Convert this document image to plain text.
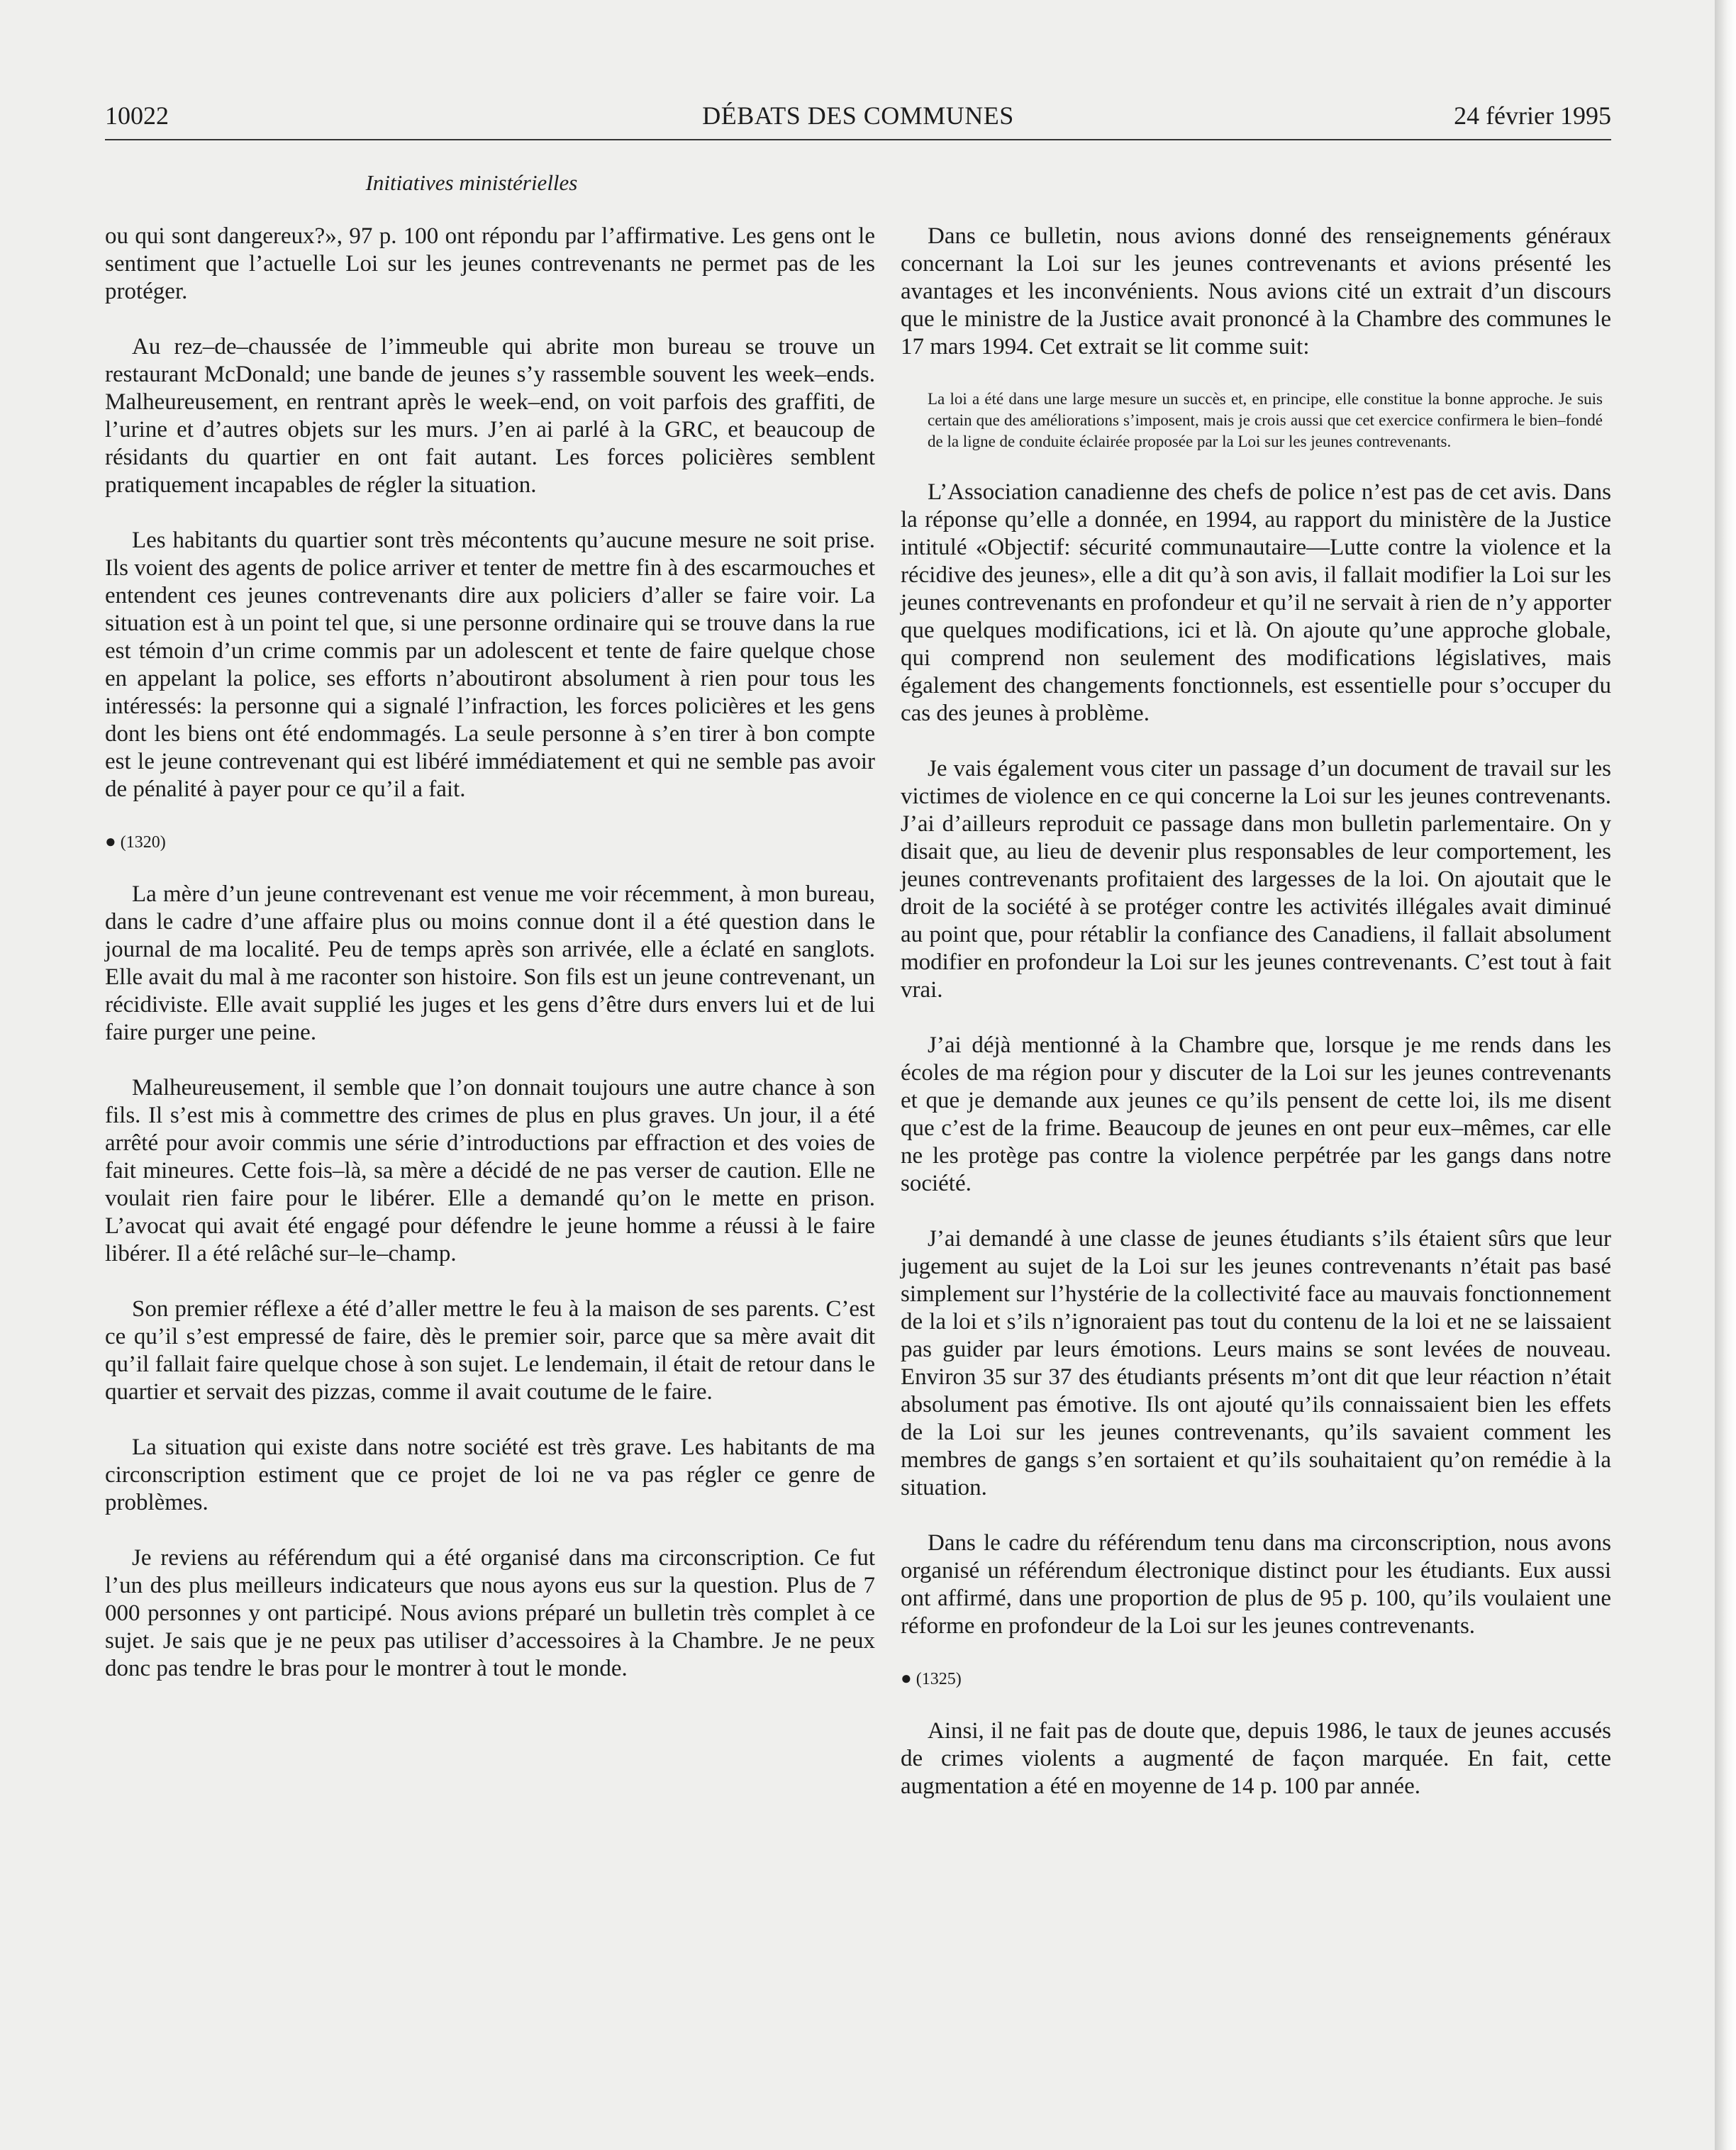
10022	DÉBATS DES COMMUNES	24 février 1995
Initiatives ministérielles

ou qui sont dangereux?», 97 p. 100 ont répondu par l’affirmative. Les gens ont le sentiment que l’actuelle Loi sur les jeunes contrevenants ne permet pas de les protéger.

Au rez–de–chaussée de l’immeuble qui abrite mon bureau se trouve un restaurant McDonald; une bande de jeunes s’y rassemble souvent les week–ends. Malheureusement, en rentrant après le week–end, on voit parfois des graffiti, de l’urine et d’autres objets sur les murs. J’en ai parlé à la GRC, et beaucoup de résidants du quartier en ont fait autant. Les forces policières semblent pratiquement incapables de régler la situation.

Les habitants du quartier sont très mécontents qu’aucune mesure ne soit prise. Ils voient des agents de police arriver et tenter de mettre fin à des escarmouches et entendent ces jeunes contrevenants dire aux policiers d’aller se faire voir. La situation est à un point tel que, si une personne ordinaire qui se trouve dans la rue est témoin d’un crime commis par un adolescent et tente de faire quelque chose en appelant la police, ses efforts n’aboutiront absolument à rien pour tous les intéressés: la personne qui a signalé l’infraction, les forces policières et les gens dont les biens ont été endommagés. La seule personne à s’en tirer à bon compte est le jeune contrevenant qui est libéré immédiatement et qui ne semble pas avoir de pénalité à payer pour ce qu’il a fait.

● (1320)

La mère d’un jeune contrevenant est venue me voir récemment, à mon bureau, dans le cadre d’une affaire plus ou moins connue dont il a été question dans le journal de ma localité. Peu de temps après son arrivée, elle a éclaté en sanglots. Elle avait du mal à me raconter son histoire. Son fils est un jeune contrevenant, un récidiviste. Elle avait supplié les juges et les gens d’être durs envers lui et de lui faire purger une peine.

Malheureusement, il semble que l’on donnait toujours une autre chance à son fils. Il s’est mis à commettre des crimes de plus en plus graves. Un jour, il a été arrêté pour avoir commis une série d’introductions par effraction et des voies de fait mineures. Cette fois–là, sa mère a décidé de ne pas verser de caution. Elle ne voulait rien faire pour le libérer. Elle a demandé qu’on le mette en prison. L’avocat qui avait été engagé pour défendre le jeune homme a réussi à le faire libérer. Il a été relâché sur–le–champ.

Son premier réflexe a été d’aller mettre le feu à la maison de ses parents. C’est ce qu’il s’est empressé de faire, dès le premier soir, parce que sa mère avait dit qu’il fallait faire quelque chose à son sujet. Le lendemain, il était de retour dans le quartier et servait des pizzas, comme il avait coutume de le faire.

La situation qui existe dans notre société est très grave. Les habitants de ma circonscription estiment que ce projet de loi ne va pas régler ce genre de problèmes.

Je reviens au référendum qui a été organisé dans ma circonscription. Ce fut l’un des plus meilleurs indicateurs que nous ayons eus sur la question. Plus de 7 000 personnes y ont participé. Nous avions préparé un bulletin très complet à ce sujet. Je sais que je ne peux pas utiliser d’accessoires à la Chambre. Je ne peux donc pas tendre le bras pour le montrer à tout le monde.

Dans ce bulletin, nous avions donné des renseignements généraux concernant la Loi sur les jeunes contrevenants et avions présenté les avantages et les inconvénients. Nous avions cité un extrait d’un discours que le ministre de la Justice avait prononcé à la Chambre des communes le 17 mars 1994. Cet extrait se lit comme suit:

La loi a été dans une large mesure un succès et, en principe, elle constitue la bonne approche. Je suis certain que des améliorations s’imposent, mais je crois aussi que cet exercice confirmera le bien–fondé de la ligne de conduite éclairée proposée par la Loi sur les jeunes contrevenants.

L’Association canadienne des chefs de police n’est pas de cet avis. Dans la réponse qu’elle a donnée, en 1994, au rapport du ministère de la Justice intitulé «Objectif: sécurité communautaire—Lutte contre la violence et la récidive des jeunes», elle a dit qu’à son avis, il fallait modifier la Loi sur les jeunes contrevenants en profondeur et qu’il ne servait à rien de n’y apporter que quelques modifications, ici et là. On ajoute qu’une approche globale, qui comprend non seulement des modifications législatives, mais également des changements fonctionnels, est essentielle pour s’occuper du cas des jeunes à problème.

Je vais également vous citer un passage d’un document de travail sur les victimes de violence en ce qui concerne la Loi sur les jeunes contrevenants. J’ai d’ailleurs reproduit ce passage dans mon bulletin parlementaire. On y disait que, au lieu de devenir plus responsables de leur comportement, les jeunes contrevenants profitaient des largesses de la loi. On ajoutait que le droit de la société à se protéger contre les activités illégales avait diminué au point que, pour rétablir la confiance des Canadiens, il fallait absolument modifier en profondeur la Loi sur les jeunes contrevenants. C’est tout à fait vrai.

J’ai déjà mentionné à la Chambre que, lorsque je me rends dans les écoles de ma région pour y discuter de la Loi sur les jeunes contrevenants et que je demande aux jeunes ce qu’ils pensent de cette loi, ils me disent que c’est de la frime. Beaucoup de jeunes en ont peur eux–mêmes, car elle ne les protège pas contre la violence perpétrée par les gangs dans notre société.

J’ai demandé à une classe de jeunes étudiants s’ils étaient sûrs que leur jugement au sujet de la Loi sur les jeunes contrevenants n’était pas basé simplement sur l’hystérie de la collectivité face au mauvais fonctionnement de la loi et s’ils n’ignoraient pas tout du contenu de la loi et ne se laissaient pas guider par leurs émotions. Leurs mains se sont levées de nouveau. Environ 35 sur 37 des étudiants présents m’ont dit que leur réaction n’était absolument pas émotive. Ils ont ajouté qu’ils connaissaient bien les effets de la Loi sur les jeunes contrevenants, qu’ils savaient comment les membres de gangs s’en sortaient et qu’ils souhaitaient qu’on remédie à la situation.

Dans le cadre du référendum tenu dans ma circonscription, nous avons organisé un référendum électronique distinct pour les étudiants. Eux aussi ont affirmé, dans une proportion de plus de 95 p. 100, qu’ils voulaient une réforme en profondeur de la Loi sur les jeunes contrevenants.

● (1325)

Ainsi, il ne fait pas de doute que, depuis 1986, le taux de jeunes accusés de crimes violents a augmenté de façon marquée. En fait, cette augmentation a été en moyenne de 14 p. 100 par année.
